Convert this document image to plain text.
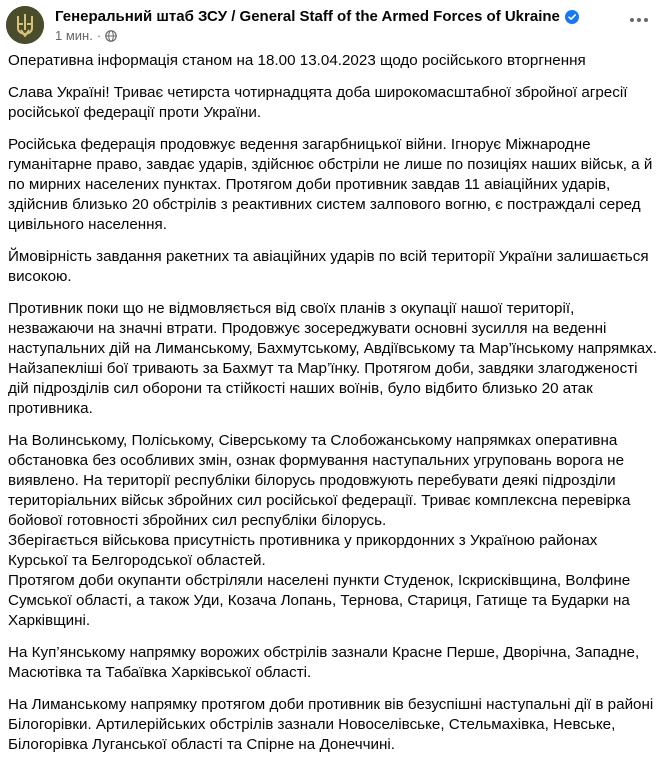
Генеральний штаб ЗСУ / General Staff of the Armed Forces of Ukraine
1 мин. ·

Оперативна інформація станом на 18.00 13.04.2023 щодо російського вторгнення

Слава Україні! Триває четирста чотирнадцята доба широкомасштабної збройної агресії російської федерації проти України.

Російська федерація продовжує ведення загарбницької війни. Ігнорує Міжнародне гуманітарне право, завдає ударів, здійснює обстріли не лише по позиціях наших військ, а й по мирних населених пунктах. Протягом доби противник завдав 11 авіаційних ударів, здійснив близько 20 обстрілів з реактивних систем залпового вогню, є постраждалі серед цивільного населення.

Ймовірність завдання ракетних та авіаційних ударів по всій території України залишається високою.

Противник поки що не відмовляється від своїх планів з окупації нашої території, незважаючи на значні втрати. Продовжує зосереджувати основні зусилля на веденні наступальних дій на Лиманському, Бахмутському, Авдіївському та Мар’їнському напрямках. Найзапекліші бої тривають за Бахмут та Мар’їнку. Протягом доби, завдяки злагодженості дій підрозділів сил оборони та стійкості наших воїнів, було відбито близько 20 атак противника.

На Волинському, Поліському, Сіверському та Слобожанському напрямках оперативна обстановка без особливих змін, ознак формування наступальних угруповань ворога не виявлено. На території республіки білорусь продовжують перебувати деякі підрозділи територіальних військ збройних сил російської федерації. Триває комплексна перевірка бойової готовності збройних сил республіки білорусь.

Зберігається військова присутність противника у прикордонних з Україною районах Курської та Белгородської областей.

Протягом доби окупанти обстріляли населені пункти Студенок, Іскрисківщина, Волфине Сумської області, а також Уди, Козача Лопань, Тернова, Стариця, Гатище та Бударки на Харківщині.

На Куп’янському напрямку ворожих обстрілів зазнали Красне Перше, Дворічна, Западне, Масютівка та Табаївка Харківської області.

На Лиманському напрямку протягом доби противник вів безуспішні наступальні дії в районі Білогорівки. Артилерійських обстрілів зазнали Новоселівське, Стельмахівка, Невське, Білогорівка Луганської області та Спірне на Донеччині.
